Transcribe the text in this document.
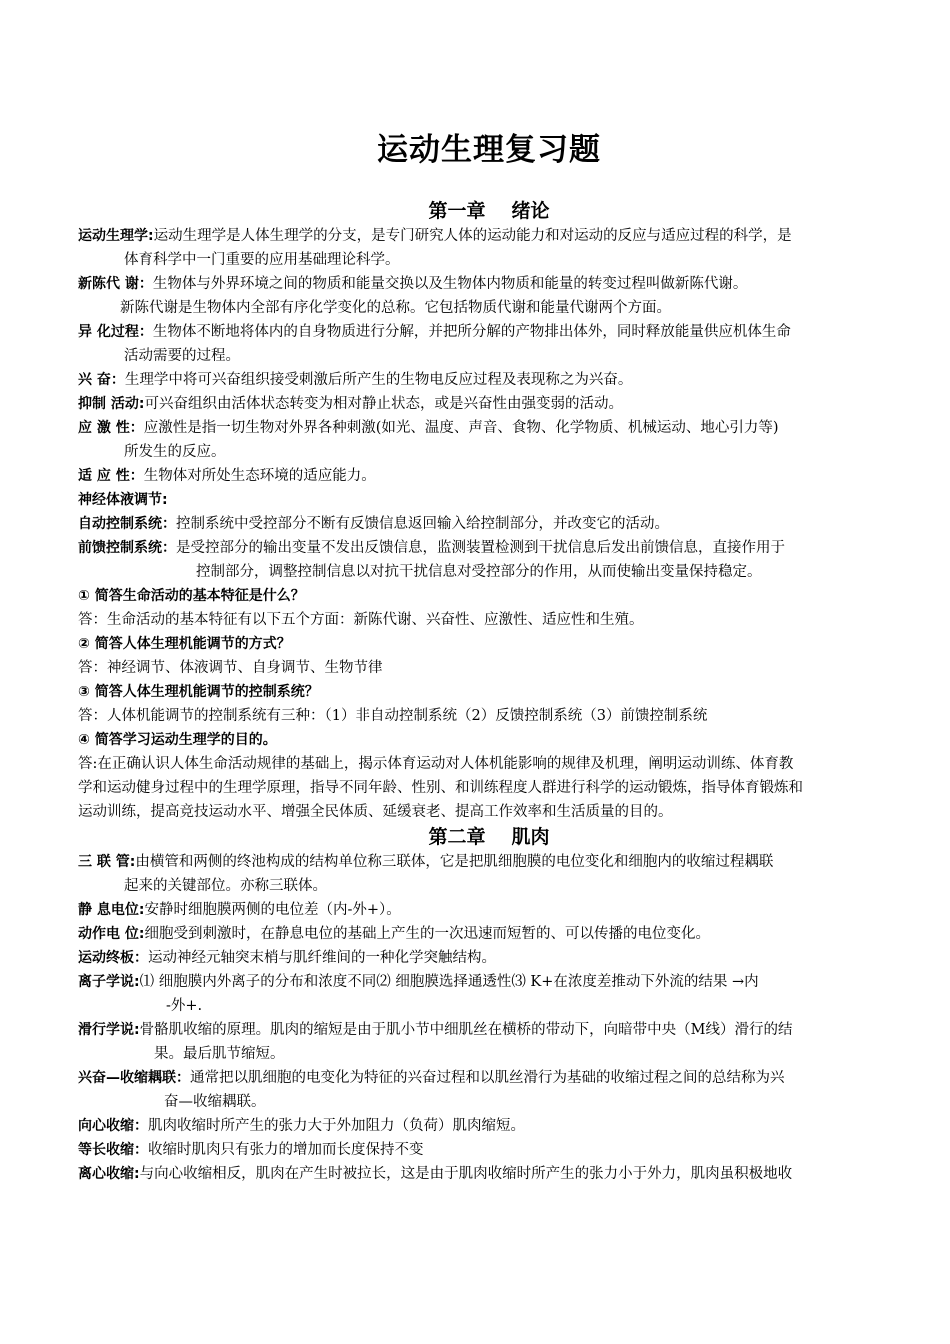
运动生理复习题
第一章 绪论
运动生理学:运动生理学是人体生理学的分支，是专门研究人体的运动能力和对运动的反应与适应过程的科学，是
体育科学中一门重要的应用基础理论科学。
新陈代 谢：生物体与外界环境之间的物质和能量交换以及生物体内物质和能量的转变过程叫做新陈代谢。
新陈代谢是生物体内全部有序化学变化的总称。它包括物质代谢和能量代谢两个方面。
异 化过程：生物体不断地将体内的自身物质进行分解，并把所分解的产物排出体外，同时释放能量供应机体生命
活动需要的过程。
兴 奋：生理学中将可兴奋组织接受刺激后所产生的生物电反应过程及表现称之为兴奋。
抑制 活动:可兴奋组织由活体状态转变为相对静止状态，或是兴奋性由强变弱的活动。
应 激 性：应激性是指一切生物对外界各种刺激(如光、温度、声音、食物、化学物质、机械运动、地心引力等)
所发生的反应。
适 应 性：生物体对所处生态环境的适应能力。
神经体液调节:
自动控制系统：控制系统中受控部分不断有反馈信息返回输入给控制部分，并改变它的活动。
前馈控制系统：是受控部分的输出变量不发出反馈信息，监测装置检测到干扰信息后发出前馈信息，直接作用于
控制部分，调整控制信息以对抗干扰信息对受控部分的作用，从而使输出变量保持稳定。
① 简答生命活动的基本特征是什么？
答：生命活动的基本特征有以下五个方面：新陈代谢、兴奋性、应激性、适应性和生殖。
② 简答人体生理机能调节的方式？
答：神经调节、体液调节、自身调节、生物节律
③ 简答人体生理机能调节的控制系统？
答：人体机能调节的控制系统有三种：（1）非自动控制系统（2）反馈控制系统（3）前馈控制系统
④ 简答学习运动生理学的目的。
答:在正确认识人体生命活动规律的基础上，揭示体育运动对人体机能影响的规律及机理，阐明运动训练、体育教
学和运动健身过程中的生理学原理，指导不同年龄、性别、和训练程度人群进行科学的运动锻炼，指导体育锻炼和
运动训练，提高竞技运动水平、增强全民体质、延缓衰老、提高工作效率和生活质量的目的。
第二章 肌肉
三 联 管:由横管和两侧的终池构成的结构单位称三联体，它是把肌细胞膜的电位变化和细胞内的收缩过程耦联
起来的关键部位。亦称三联体。
静 息电位:安静时细胞膜两侧的电位差（内-外+）。
动作电 位:细胞受到刺激时，在静息电位的基础上产生的一次迅速而短暂的、可以传播的电位变化。
运动终板：运动神经元轴突末梢与肌纤维间的一种化学突触结构。
离子学说:⑴ 细胞膜内外离子的分布和浓度不同⑵ 细胞膜选择通透性⑶ K+在浓度差推动下外流的结果 →内
-外+.
滑行学说:骨骼肌收缩的原理。肌肉的缩短是由于肌小节中细肌丝在横桥的带动下，向暗带中央（M线）滑行的结
果。最后肌节缩短。
兴奋—收缩耦联：通常把以肌细胞的电变化为特征的兴奋过程和以肌丝滑行为基础的收缩过程之间的总结称为兴
奋—收缩耦联。
向心收缩：肌肉收缩时所产生的张力大于外加阻力（负荷）肌肉缩短。
等长收缩：收缩时肌肉只有张力的增加而长度保持不变
离心收缩:与向心收缩相反，肌肉在产生时被拉长，这是由于肌肉收缩时所产生的张力小于外力，肌肉虽积极地收
